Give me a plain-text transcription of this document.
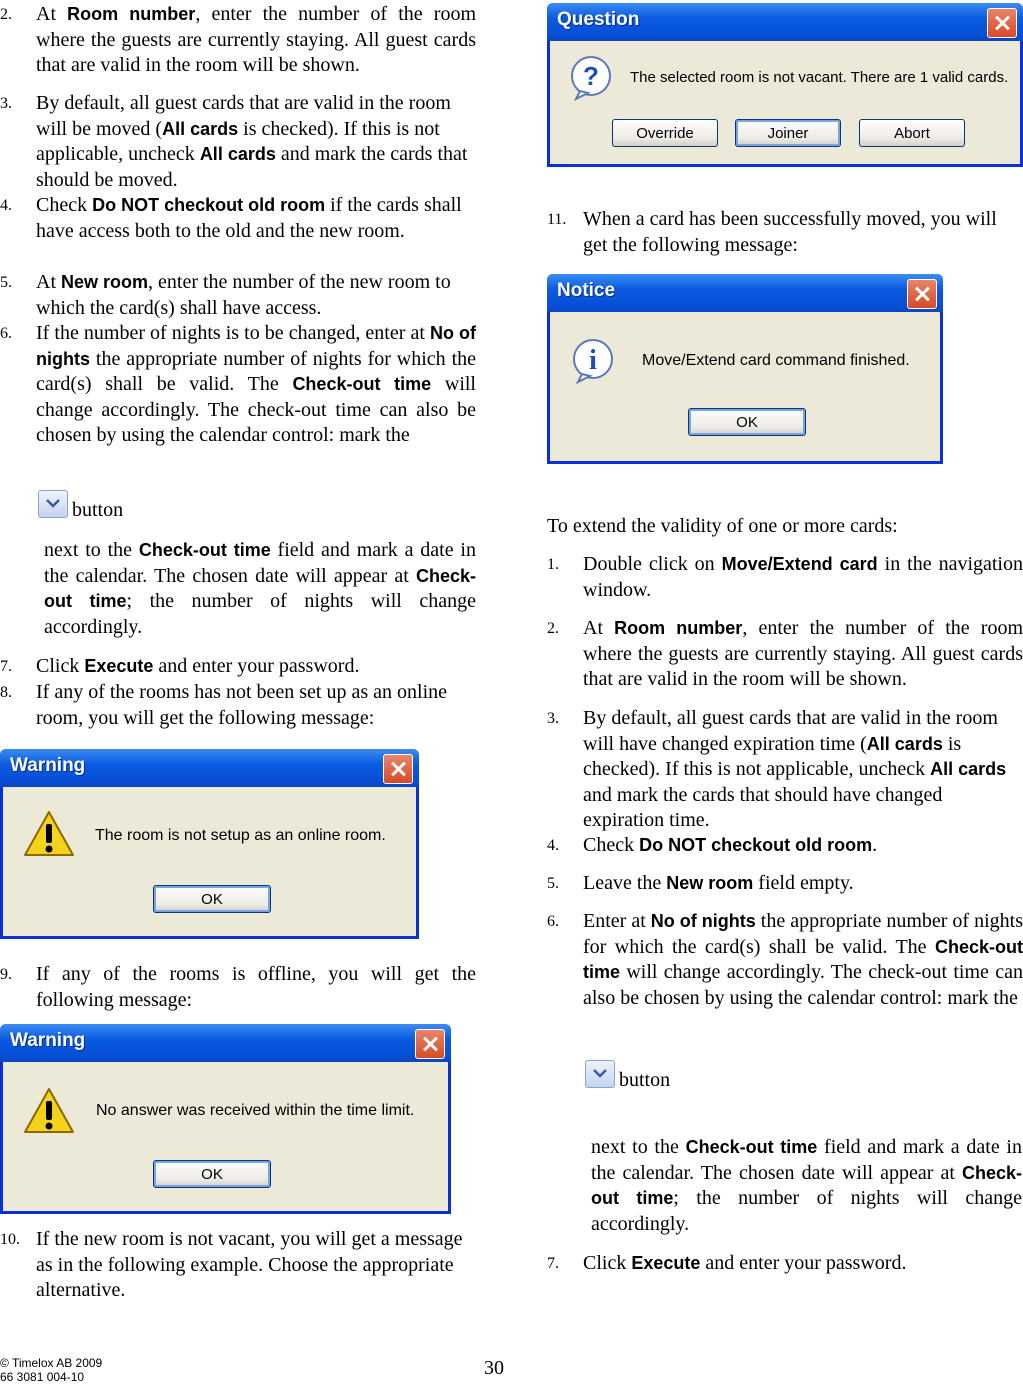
2. At Room number, enter the number of the room where the guests are currently staying. All guest cards that are valid in the room will be shown.

3. By default, all guest cards that are valid in the room will be moved (All cards is checked). If this is not applicable, uncheck All cards and mark the cards that should be moved.

4. Check Do NOT checkout old room if the cards shall have access both to the old and the new room.

5. At New room, enter the number of the new room to which the card(s) shall have access.

6. If the number of nights is to be changed, enter at No of nights the appropriate number of nights for which the card(s) shall be valid. The Check-out time will change accordingly. The check-out time can also be chosen by using the calendar control: mark the

button

next to the Check-out time field and mark a date in the calendar. The chosen date will appear at Check-out time; the number of nights will change accordingly.

7. Click Execute and enter your password.

8. If any of the rooms has not been set up as an online room, you will get the following message:

Warning
The room is not setup as an online room.
OK

9. If any of the rooms is offline, you will get the following message:

Warning
No answer was received within the time limit.
OK

10. If the new room is not vacant, you will get a message as in the following example. Choose the appropriate alternative.

Question
? The selected room is not vacant. There are 1 valid cards.
Override	Joiner	Abort

11. When a card has been successfully moved, you will get the following message:

Notice
i	Move/Extend card command finished.
OK

To extend the validity of one or more cards:

1. Double click on Move/Extend card in the navigation window.

2. At Room number, enter the number of the room where the guests are currently staying. All guest cards that are valid in the room will be shown.

3. By default, all guest cards that are valid in the room will have changed expiration time (All cards is checked). If this is not applicable, uncheck All cards and mark the cards that should have changed expiration time.

4. Check Do NOT checkout old room.

5. Leave the New room field empty.

6. Enter at No of nights the appropriate number of nights for which the card(s) shall be valid. The Check-out time will change accordingly. The check-out time can also be chosen by using the calendar control: mark the

button

next to the Check-out time field and mark a date in the calendar. The chosen date will appear at Check-out time; the number of nights will change accordingly.

7. Click Execute and enter your password.

© Timelox AB 2009
66 3081 004-10	30
